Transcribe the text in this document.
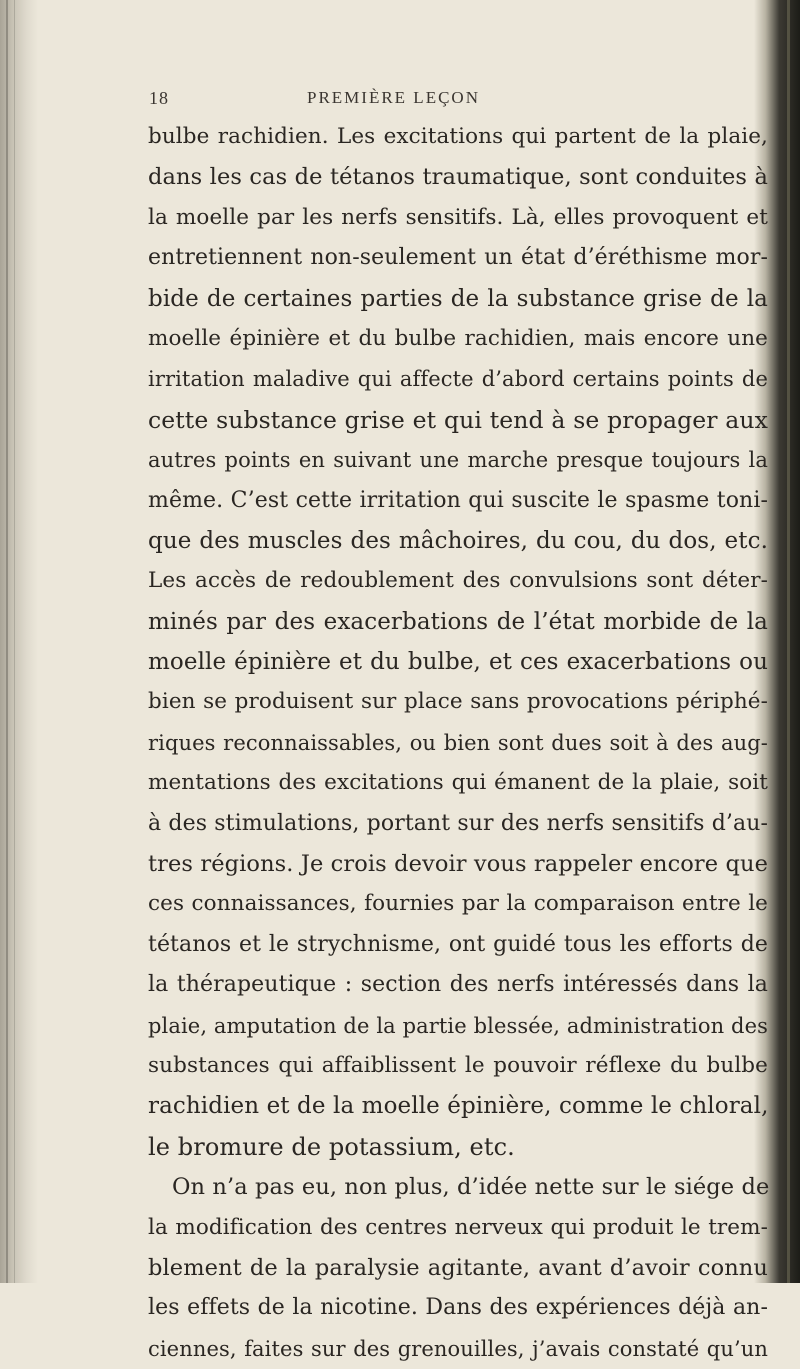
18	PREMIÈRE LEÇON
bulbe rachidien. Les excitations qui partent de la plaie,
dans les cas de tétanos traumatique, sont conduites à
la moelle par les nerfs sensitifs. Là, elles provoquent et
entretiennent non-seulement un état d’éréthisme mor-
bide de certaines parties de la substance grise de la
moelle épinière et du bulbe rachidien, mais encore une
irritation maladive qui affecte d’abord certains points de
cette substance grise et qui tend à se propager aux
autres points en suivant une marche presque toujours la
même. C’est cette irritation qui suscite le spasme toni-
que des muscles des mâchoires, du cou, du dos, etc.
Les accès de redoublement des convulsions sont déter-
minés par des exacerbations de l’état morbide de la
moelle épinière et du bulbe, et ces exacerbations ou
bien se produisent sur place sans provocations périphé-
riques reconnaissables, ou bien sont dues soit à des aug-
mentations des excitations qui émanent de la plaie, soit
à des stimulations, portant sur des nerfs sensitifs d’au-
tres régions. Je crois devoir vous rappeler encore que
ces connaissances, fournies par la comparaison entre le
tétanos et le strychnisme, ont guidé tous les efforts de
la thérapeutique : section des nerfs intéressés dans la
plaie, amputation de la partie blessée, administration des
substances qui affaiblissent le pouvoir réflexe du bulbe
rachidien et de la moelle épinière, comme le chloral,
le bromure de potassium, etc.
On n’a pas eu, non plus, d’idée nette sur le siége de
la modification des centres nerveux qui produit le trem-
blement de la paralysie agitante, avant d’avoir connu
les effets de la nicotine. Dans des expériences déjà an-
ciennes, faites sur des grenouilles, j’avais constaté qu’un
